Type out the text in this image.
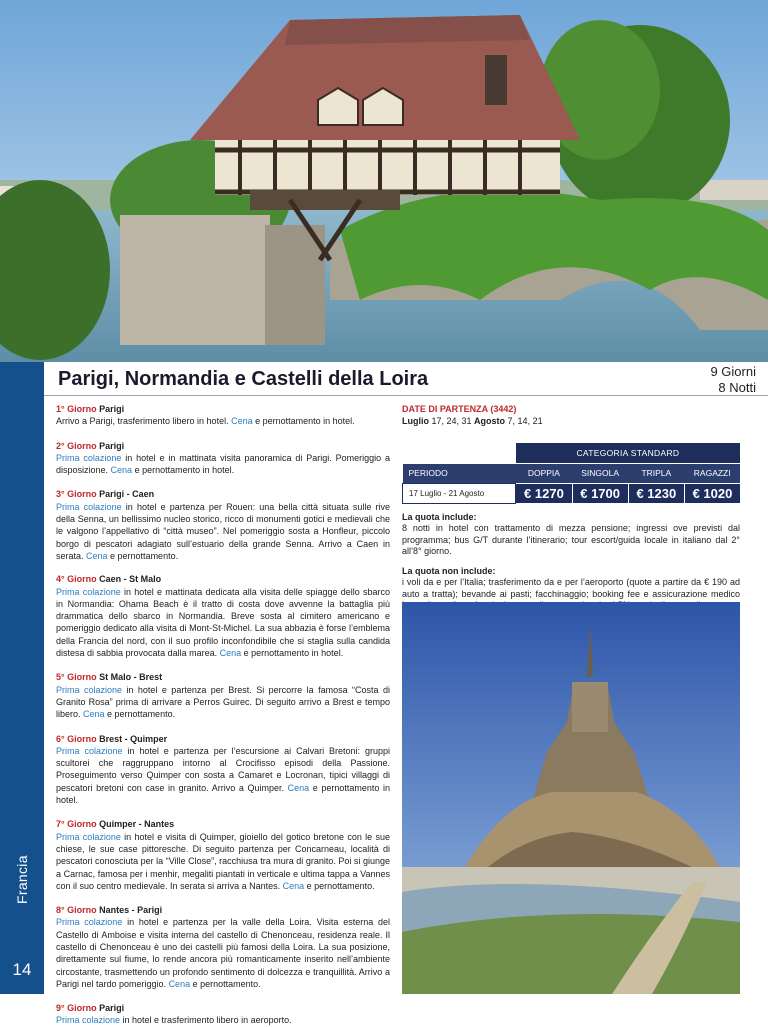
Francia
14
Parigi, Normandia e Castelli della Loira	9 Giorni
8 Notti
1° Giorno Parigi
Arrivo a Parigi, trasferimento libero in hotel. Cena e pernottamento in hotel.
2° Giorno Parigi
Prima colazione in hotel e in mattinata visita panoramica di Parigi. Pomeriggio a disposizione. Cena e pernottamento in hotel.
3° Giorno Parigi - Caen
Prima colazione in hotel e partenza per Rouen: una bella città situata sulle rive della Senna, un bellissimo nucleo storico, ricco di monumenti gotici e medievali che le valgono l’appellativo di “città museo”. Nel pomeriggio sosta a Honfleur, piccolo borgo di pescatori adagiato sull’estuario della grande Senna. Arrivo a Caen in serata. Cena e pernottamento.
4° Giorno Caen - St Malo
Prima colazione in hotel e mattinata dedicata alla visita delle spiagge dello sbarco in Normandia: Ohama Beach è il tratto di costa dove avvenne la battaglia più drammatica dello sbarco in Normandia. Breve sosta al cimitero americano e pomeriggio dedicato alla visita di Mont-St-Michel. La sua abbazia è forse l’emblema della Francia del nord, con il suo profilo inconfondibile che si staglia sulla candida distesa di sabbia provocata dalla marea. Cena e pernottamento in hotel.
5° Giorno St Malo - Brest
Prima colazione in hotel e partenza per Brest. Si percorre la famosa “Costa di Granito Rosa” prima di arrivare a Perros Guirec. Di seguito arrivo a Brest e tempo libero. Cena e pernottamento.
6° Giorno Brest - Quimper
Prima colazione in hotel e partenza per l’escursione ai Calvari Bretoni: gruppi scultorei che raggruppano intorno al Crocifisso episodi della Passione. Proseguimento verso Quimper con sosta a Camaret e Locronan, tipici villaggi di pescatori bretoni con case in granito. Arrivo a Quimper. Cena e pernottamento in hotel.
7° Giorno Quimper - Nantes
Prima colazione in hotel e visita di Quimper, gioiello del gotico bretone con le sue chiese, le sue case pittoresche. Di seguito partenza per Concarneau, località di pescatori conosciuta per la “Ville Close”, racchiusa tra mura di granito. Poi si giunge a Carnac, famosa per i menhir, megaliti piantati in verticale e ultima tappa a Vannes con il suo centro medievale. In serata si arriva a Nantes. Cena e pernottamento.
8° Giorno Nantes - Parigi
Prima colazione in hotel e partenza per la valle della Loira. Visita esterna del Castello di Amboise e visita interna del castello di Chenonceau, residenza reale. Il castello di Chenonceau è uno dei castelli più famosi della Loira. La sua posizione, direttamente sul fiume, lo rende ancora più romanticamente inserito nell’ambiente circostante, trasmettendo un profondo sentimento di dolcezza e tranquillità. Arrivo a Parigi nel tardo pomeriggio. Cena e pernottamento.
9° Giorno Parigi
Prima colazione in hotel e trasferimento libero in aeroporto.
DATE DI PARTENZA (3442)
Luglio 17, 24, 31 Agosto 7, 14, 21
	CATEGORIA STANDARD			
PERIODO	DOPPIA	SINGOLA	TRIPLA	RAGAZZI
17 Luglio - 21 Agosto	€ 1270	€ 1700	€ 1230	€ 1020
La quota include:
8 notti in hotel con trattamento di mezza pensione; ingressi ove previsti dal programma; bus G/T durante l’itinerario; tour escort/guida locale in italiano dal 2° all’8° giorno.
La quota non include:
i voli da e per l’Italia; trasferimento da e per l’aeroporto (quote a partire da € 190 ad auto a tratta); bevande ai pasti; facchinaggio; booking fee e assicurazione medico
